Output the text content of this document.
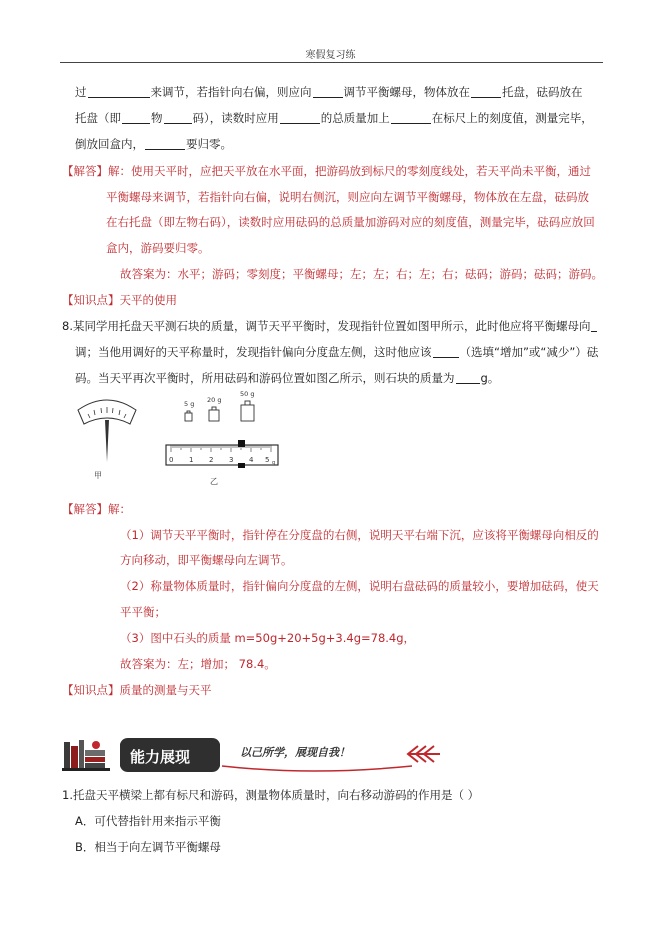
寒假复习练
过	来调节，若指针向右偏，则应向	调节平衡螺母，物体放在	托盘，砝码放在
托盘（即	物	码），读数时应用	的总质量加上	在标尺上的刻度值，测量完毕，
倒放回盒内，	要归零。
【解答】解：使用天平时，应把天平放在水平面，把游码放到标尺的零刻度线处，若天平尚未平衡，通过
平衡螺母来调节，若指针向右偏，说明右侧沉，则应向左调节平衡螺母，物体放在左盘，砝码放
在右托盘（即左物右码），读数时应用砝码的总质量加游码对应的刻度值，测量完毕，砝码应放回
盒内，游码要归零。
故答案为：水平；游码；零刻度；平衡螺母；左；左；右；左；右；砝码；游码；砝码；游码。
【知识点】天平的使用
8.某同学用托盘天平测石块的质量，调节天平平衡时，发现指针位置如图甲所示，此时他应将平衡螺母向
调；当他用调好的天平称量时，发现指针偏向分度盘左侧，这时他应该 （选填“增加”或“减少”）砝
码。当天平再次平衡时，所用砝码和游码位置如图乙所示，则石块的质量为 g。
甲
5 g 20 g
50 g
0 1 2 3 4 5 g
乙
【解答】解：
（1）调节天平平衡时，指针停在分度盘的右侧，说明天平右端下沉，应该将平衡螺母向相反的
方向移动，即平衡螺母向左调节。
（2）称量物体质量时，指针偏向分度盘的左侧，说明右盘砝码的质量较小，要增加砝码，使天
平平衡；
（3）图中石头的质量 m=50g+20+5g+3.4g=78.4g，
故答案为：左；增加； 78.4。
【知识点】质量的测量与天平
能力展现	以己所学，展现自我！
1.托盘天平横梁上都有标尺和游码，测量物体质量时，向右移动游码的作用是（ ）
A．可代替指针用来指示平衡
B．相当于向左调节平衡螺母
